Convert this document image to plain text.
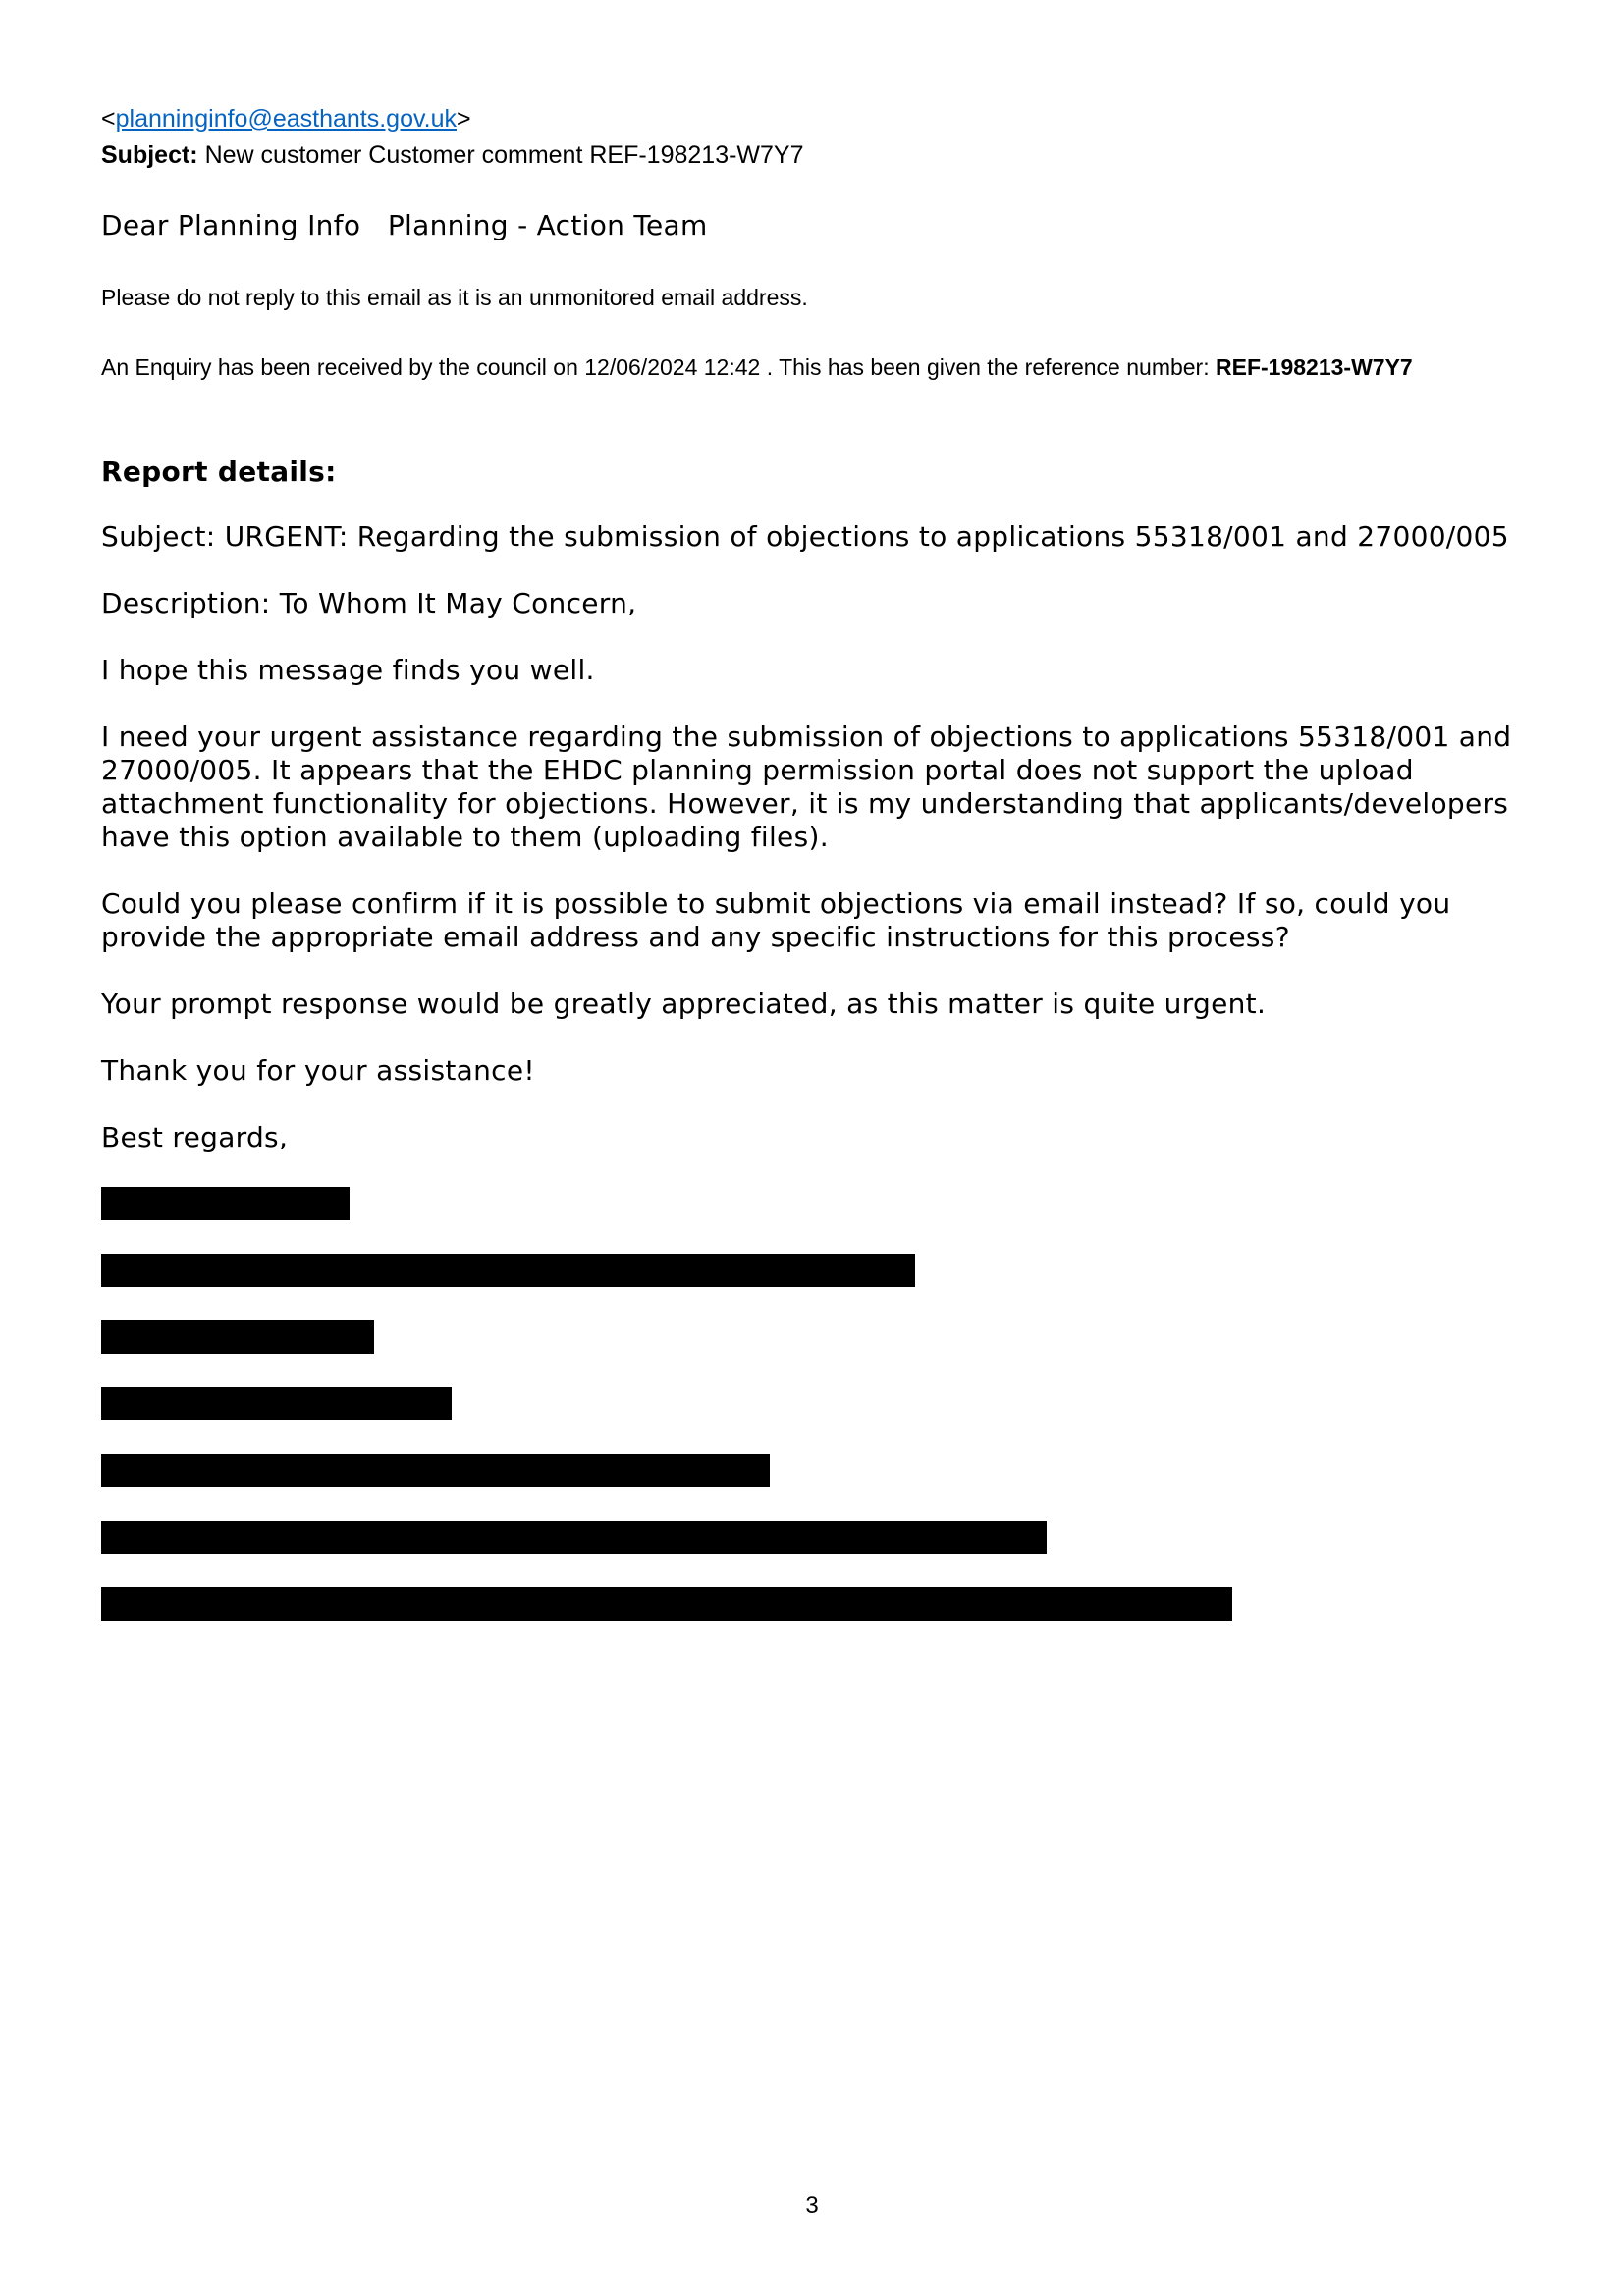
<planninginfo@easthants.gov.uk>
Subject: New customer Customer comment REF-198213-W7Y7
Dear Planning Info   Planning - Action Team
Please do not reply to this email as it is an unmonitored email address.
An Enquiry has been received by the council on 12/06/2024 12:42 . This has been given the reference number: REF-198213-W7Y7
Report details:
Subject: URGENT: Regarding the submission of objections to applications 55318/001 and 27000/005
Description: To Whom It May Concern,
I hope this message finds you well.
I need your urgent assistance regarding the submission of objections to applications 55318/001 and 27000/005. It appears that the EHDC planning permission portal does not support the upload attachment functionality for objections. However, it is my understanding that applicants/developers have this option available to them (uploading files).
Could you please confirm if it is possible to submit objections via email instead? If so, could you provide the appropriate email address and any specific instructions for this process?
Your prompt response would be greatly appreciated, as this matter is quite urgent.
Thank you for your assistance!
Best regards,
3
